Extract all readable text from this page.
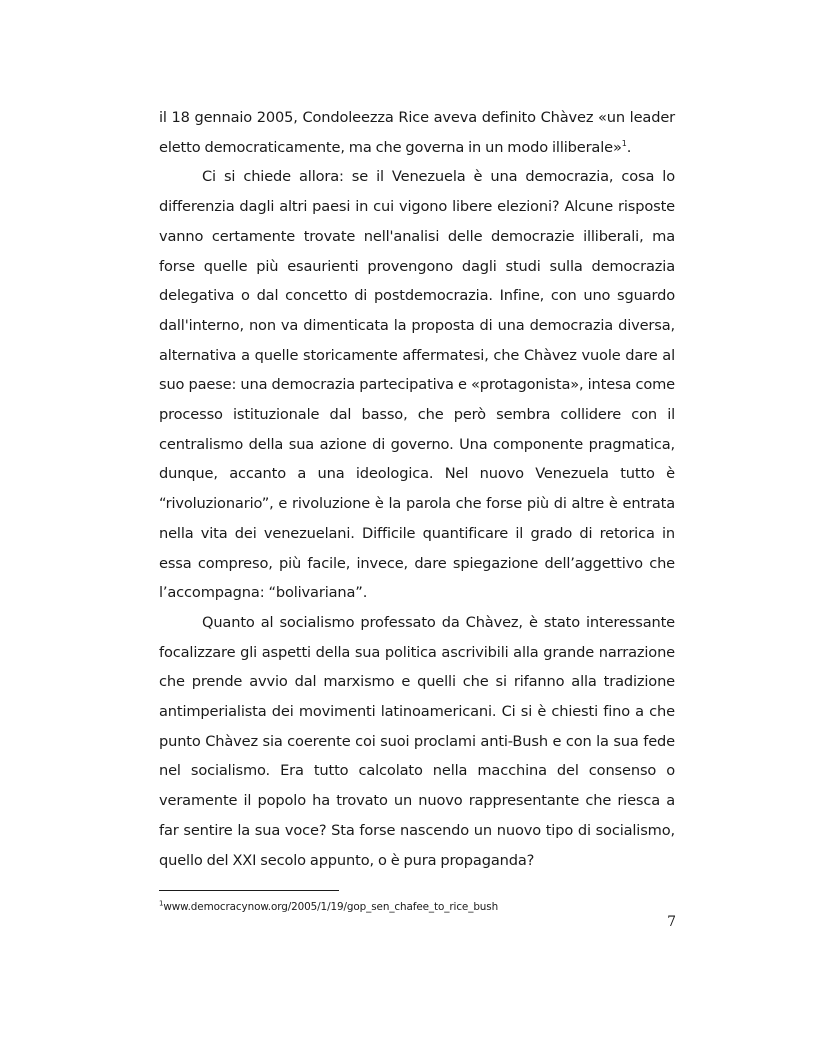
il 18 gennaio 2005, Condoleezza Rice aveva definito Chàvez «un leader eletto democraticamente, ma che governa in un modo illiberale»$^1$.

Ci si chiede allora: se il Venezuela è una democrazia, cosa lo differenzia dagli altri paesi in cui vigono libere elezioni? Alcune risposte vanno certamente trovate nell'analisi delle democrazie illiberali, ma forse quelle più esaurienti provengono dagli studi sulla democrazia delegativa o dal concetto di postdemocrazia. Infine, con uno sguardo dall'interno, non va dimenticata la proposta di una democrazia diversa, alternativa a quelle storicamente affermatesi, che Chàvez vuole dare al suo paese: una democrazia partecipativa e «protagonista», intesa come processo istituzionale dal basso, che però sembra collidere con il centralismo della sua azione di governo. Una componente pragmatica, dunque, accanto a una ideologica. Nel nuovo Venezuela tutto è “rivoluzionario”, e rivoluzione è la parola che forse più di altre è entrata nella vita dei venezuelani. Difficile quantificare il grado di retorica in essa compreso, più facile, invece, dare spiegazione dell’aggettivo che l’accompagna: “bolivariana”.

Quanto al socialismo professato da Chàvez, è stato interessante focalizzare gli aspetti della sua politica ascrivibili alla grande narrazione che prende avvio dal marxismo e quelli che si rifanno alla tradizione antimperialista dei movimenti latinoamericani. Ci si è chiesti fino a che punto Chàvez sia coerente coi suoi proclami anti-Bush e con la sua fede nel socialismo. Era tutto calcolato nella macchina del consenso o veramente il popolo ha trovato un nuovo rappresentante che riesca a far sentire la sua voce? Sta forse nascendo un nuovo tipo di socialismo, quello del XXI secolo appunto, o è pura propaganda?

$^1$www.democracynow.org/2005/1/19/gop_sen_chafee_to_rice_bush
7
